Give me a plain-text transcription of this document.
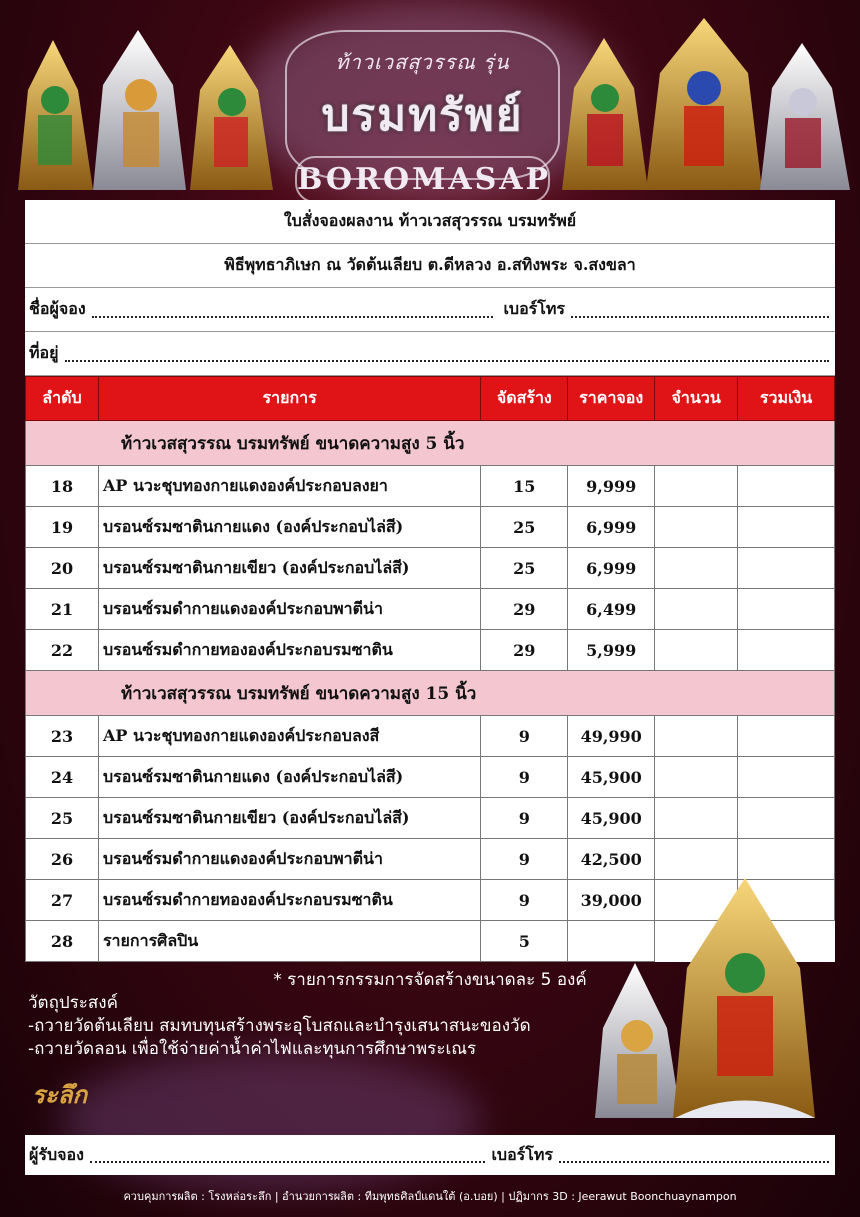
ท้าวเวสสุวรรณ รุ่น
บรมทรัพย์
BOROMASAP
ใบสั่งจองผลงาน ท้าวเวสสุวรรณ บรมทรัพย์
พิธีพุทธาภิเษก ณ วัดต้นเลียบ ต.ดีหลวง อ.สทิงพระ จ.สงขลา
ชื่อผู้จอง	เบอร์โทร
ที่อยู่
ลำดับ	รายการ	จัดสร้าง	ราคาจอง	จำนวน	รวมเงิน
ท้าวเวสสุวรรณ บรมทรัพย์ ขนาดความสูง 5 นิ้ว					
18	AP นวะชุบทองกายแดงองค์ประกอบลงยา	15	9,999		
19	บรอนซ์รมซาตินกายแดง (องค์ประกอบไล่สี)	25	6,999		
20	บรอนซ์รมซาตินกายเขียว (องค์ประกอบไล่สี)	25	6,999		
21	บรอนซ์รมดำกายแดงองค์ประกอบพาตีน่า	29	6,499		
22	บรอนซ์รมดำกายทององค์ประกอบรมซาติน	29	5,999		
ท้าวเวสสุวรรณ บรมทรัพย์ ขนาดความสูง 15 นิ้ว					
23	AP นวะชุบทองกายแดงองค์ประกอบลงสี	9	49,990		
24	บรอนซ์รมซาตินกายแดง (องค์ประกอบไล่สี)	9	45,900		
25	บรอนซ์รมซาตินกายเขียว (องค์ประกอบไล่สี)	9	45,900		
26	บรอนซ์รมดำกายแดงองค์ประกอบพาตีน่า	9	42,500		
27	บรอนซ์รมดำกายทององค์ประกอบรมซาติน	9	39,000		
28	รายการศิลปิน	5			
* รายการกรรมการจัดสร้างขนาดละ 5 องค์
วัตถุประสงค์
-ถวายวัดต้นเลียบ สมทบทุนสร้างพระอุโบสถและบำรุงเสนาสนะของวัด
-ถวายวัดลอน เพื่อใช้จ่ายค่าน้ำค่าไฟและทุนการศึกษาพระเณร
ระลึก
ผู้รับจอง	เบอร์โทร
ควบคุมการผลิต : โรงหล่อระลึก | อำนวยการผลิต : ทีมพุทธศิลป์แดนใต้ (อ.บอย) | ปฏิมากร 3D : Jeerawut Boonchuaynampon
